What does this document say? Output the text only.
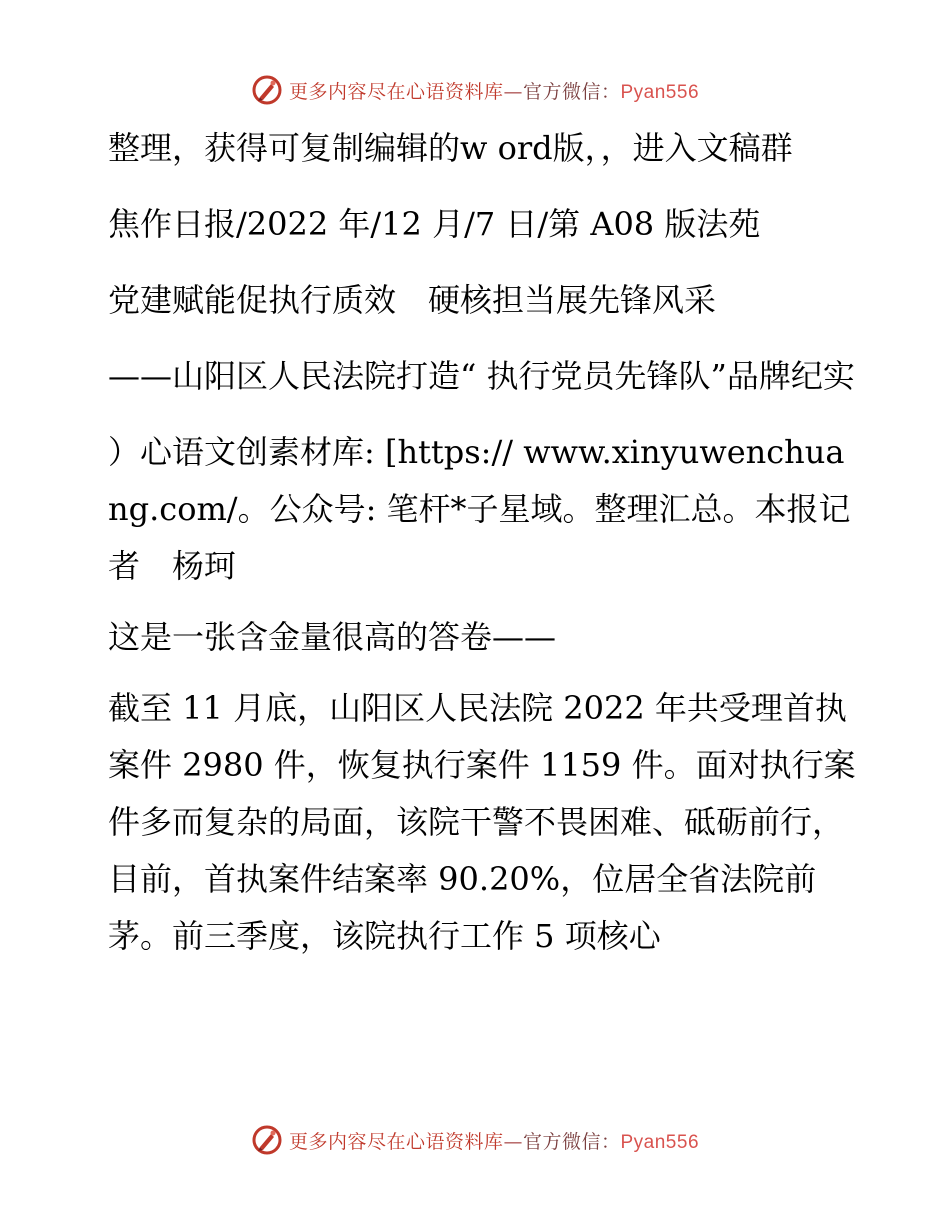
更多内容尽在心语资料库—官方微信：Pyan556

整理，获得可复制编辑的w ord版，，进入文稿群

焦作日报/2022 年/12 月/7 日/第 A08 版法苑

党建赋能促执行质效　硬核担当展先锋风采

——山阳区人民法院打造“ 执行党员先锋队”品牌纪实

）心语文创素材库: [https:// www.xinyuwenchuang.com/。公众号: 笔杆*子星域。整理汇总。本报记者　杨珂

这是一张含金量很高的答卷——

截至 11 月底，山阳区人民法院 2022 年共受理首执案件 2980 件，恢复执行案件 1159 件。面对执行案件多而复杂的局面，该院干警不畏困难、砥砺前行，目前，首执案件结案率 90.20%，位居全省法院前茅。前三季度，该院执行工作 5 项核心

更多内容尽在心语资料库—官方微信：Pyan556
